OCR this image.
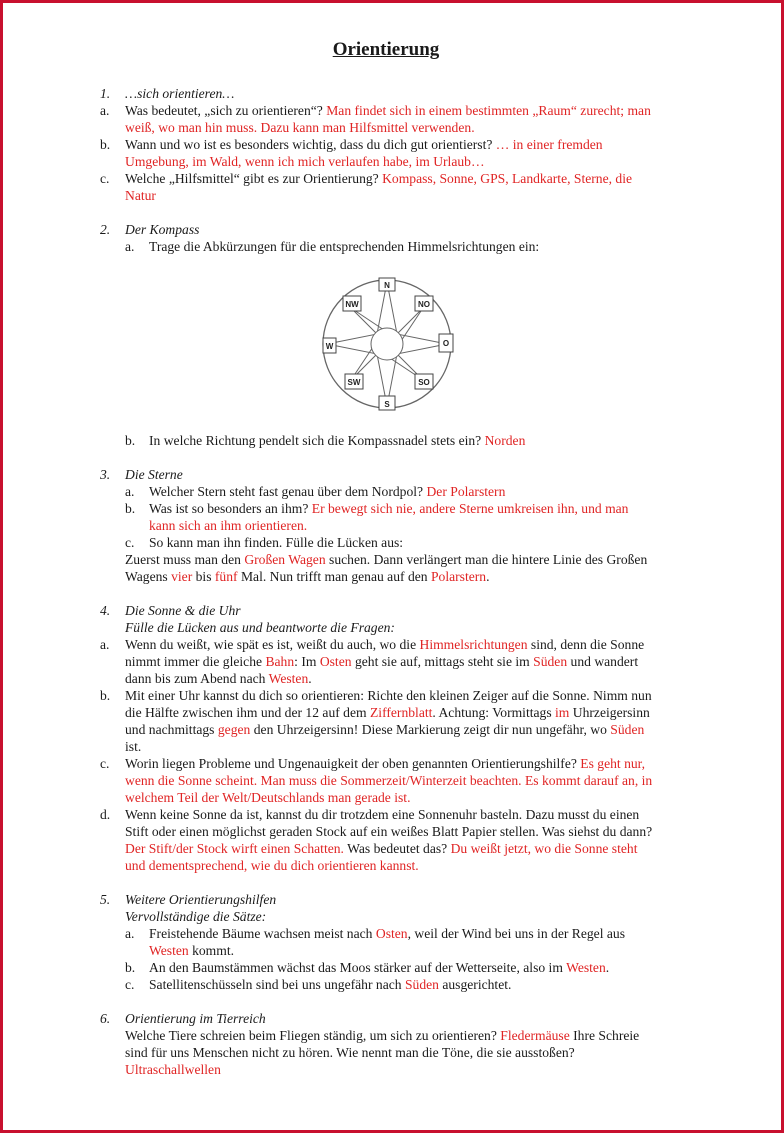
Orientierung
1. …sich orientieren…
a. Was bedeutet, „sich zu orientieren“? Man findet sich in einem bestimmten „Raum“ zurecht; man
weiß, wo man hin muss. Dazu kann man Hilfsmittel verwenden.
b. Wann und wo ist es besonders wichtig, dass du dich gut orientierst? … in einer fremden
Umgebung, im Wald, wenn ich mich verlaufen habe, im Urlaub…
c. Welche „Hilfsmittel“ gibt es zur Orientierung? Kompass, Sonne, GPS, Landkarte, Sterne, die
Natur
2. Der Kompass
a. Trage die Abkürzungen für die entsprechenden Himmelsrichtungen ein:
N
NO
O
SO
S
SW
W
NW
b. In welche Richtung pendelt sich die Kompassnadel stets ein? Norden
3. Die Sterne
a. Welcher Stern steht fast genau über dem Nordpol? Der Polarstern
b. Was ist so besonders an ihm? Er bewegt sich nie, andere Sterne umkreisen ihn, und man
kann sich an ihm orientieren.
c. So kann man ihn finden. Fülle die Lücken aus:
Zuerst muss man den Großen Wagen suchen. Dann verlängert man die hintere Linie des Großen
Wagens vier bis fünf Mal. Nun trifft man genau auf den Polarstern.
4. Die Sonne & die Uhr
Fülle die Lücken aus und beantworte die Fragen:
a. Wenn du weißt, wie spät es ist, weißt du auch, wo die Himmelsrichtungen sind, denn die Sonne
nimmt immer die gleiche Bahn: Im Osten geht sie auf, mittags steht sie im Süden und wandert
dann bis zum Abend nach Westen.
b. Mit einer Uhr kannst du dich so orientieren: Richte den kleinen Zeiger auf die Sonne. Nimm nun
die Hälfte zwischen ihm und der 12 auf dem Ziffernblatt. Achtung: Vormittags im Uhrzeigersinn
und nachmittags gegen den Uhrzeigersinn! Diese Markierung zeigt dir nun ungefähr, wo Süden
ist.
c. Worin liegen Probleme und Ungenauigkeit der oben genannten Orientierungshilfe? Es geht nur,
wenn die Sonne scheint. Man muss die Sommerzeit/Winterzeit beachten. Es kommt darauf an, in
welchem Teil der Welt/Deutschlands man gerade ist.
d. Wenn keine Sonne da ist, kannst du dir trotzdem eine Sonnenuhr basteln. Dazu musst du einen
Stift oder einen möglichst geraden Stock auf ein weißes Blatt Papier stellen. Was siehst du dann?
Der Stift/der Stock wirft einen Schatten. Was bedeutet das? Du weißt jetzt, wo die Sonne steht
und dementsprechend, wie du dich orientieren kannst.
5. Weitere Orientierungshilfen
Vervollständige die Sätze:
a. Freistehende Bäume wachsen meist nach Osten, weil der Wind bei uns in der Regel aus
Westen kommt.
b. An den Baumstämmen wächst das Moos stärker auf der Wetterseite, also im Westen.
c. Satellitenschüsseln sind bei uns ungefähr nach Süden ausgerichtet.
6. Orientierung im Tierreich
Welche Tiere schreien beim Fliegen ständig, um sich zu orientieren? Fledermäuse Ihre Schreie
sind für uns Menschen nicht zu hören. Wie nennt man die Töne, die sie ausstoßen?
Ultraschallwellen
